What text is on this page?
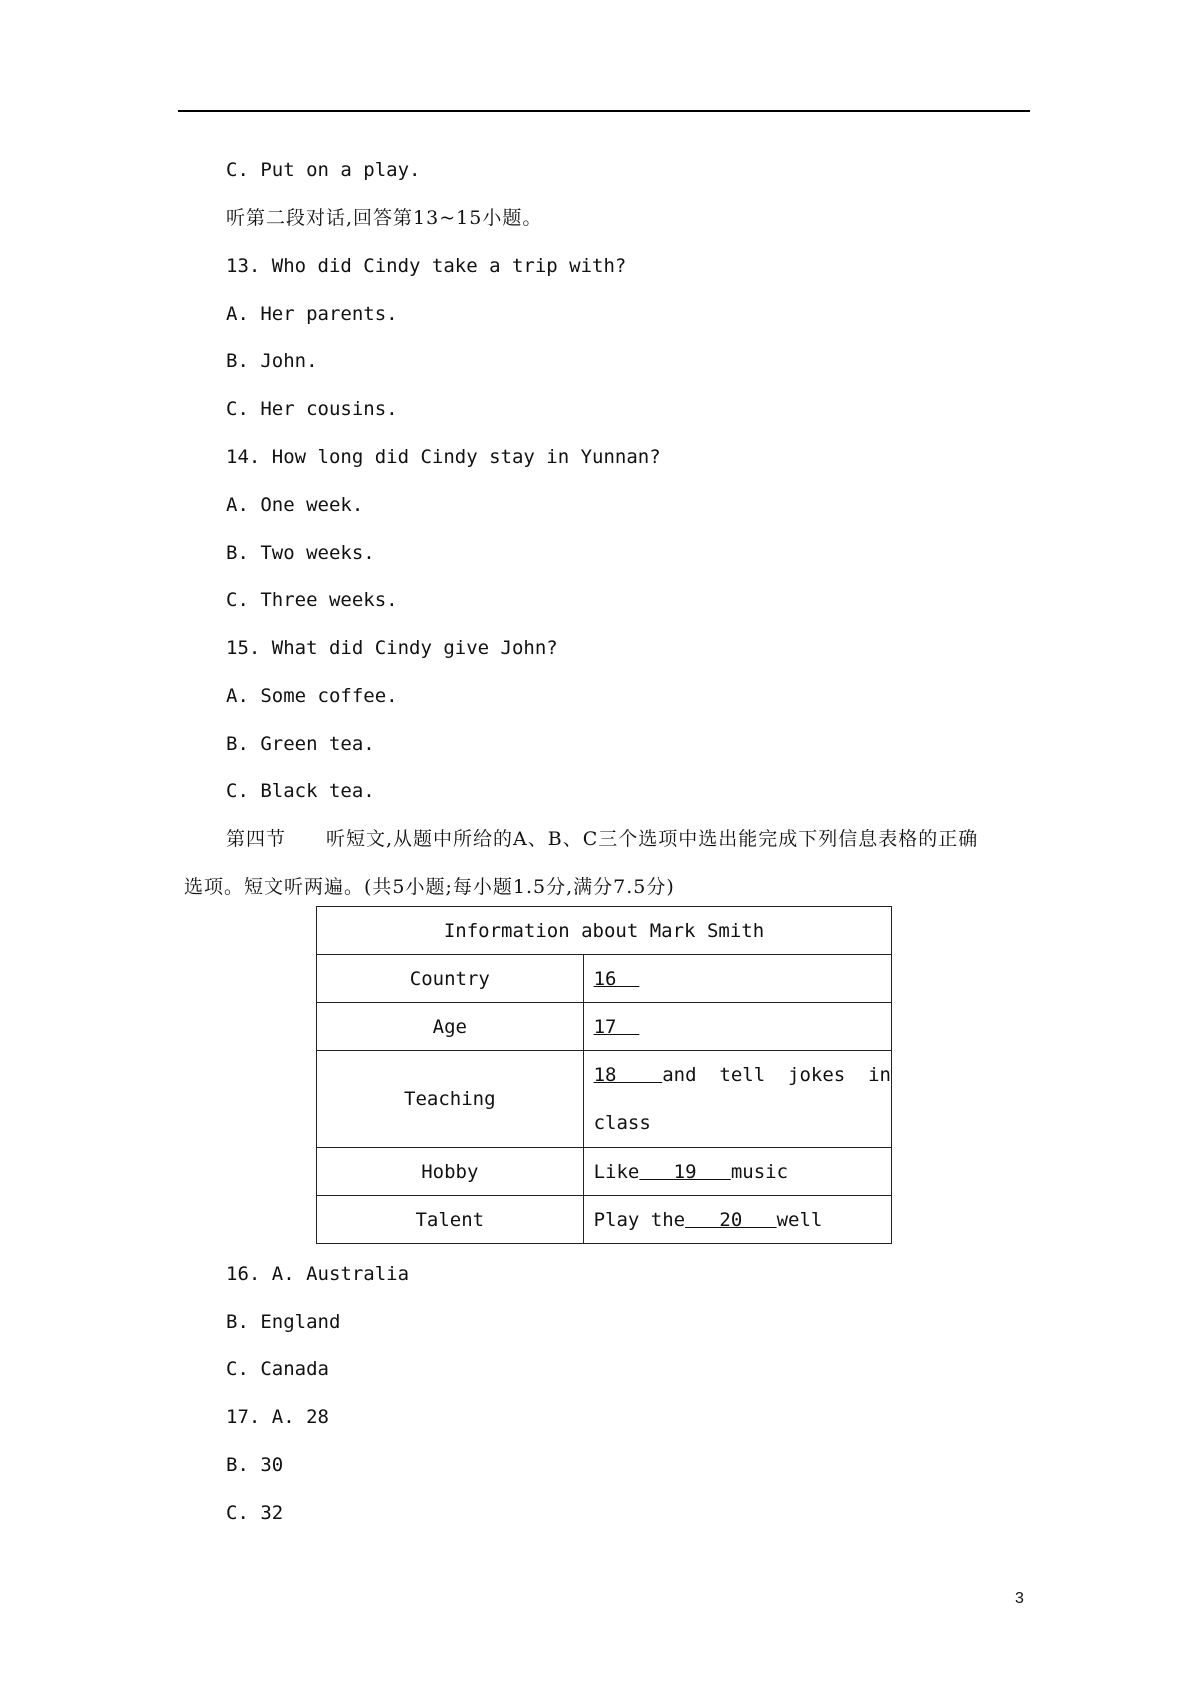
C. Put on a play.
听第二段对话,回答第13~15小题。
13. Who did Cindy take a trip with?
A. Her parents.
B. John.
C. Her cousins.
14. How long did Cindy stay in Yunnan?
A. One week.
B. Two weeks.
C. Three weeks.
15. What did Cindy give John?
A. Some coffee.
B. Green tea.
C. Black tea.
第四节　　听短文,从题中所给的A、B、C三个选项中选出能完成下列信息表格的正确
选项。短文听两遍。(共5小题;每小题1.5分,满分7.5分)
Information about Mark Smith	
Country	16
Age	17
Teaching	18    and  tell  jokes  in
class
Hobby	Like   19   music
Talent	Play the   20   well
16. A. Australia
B. England
C. Canada
17. A. 28
B. 30
C. 32
3
